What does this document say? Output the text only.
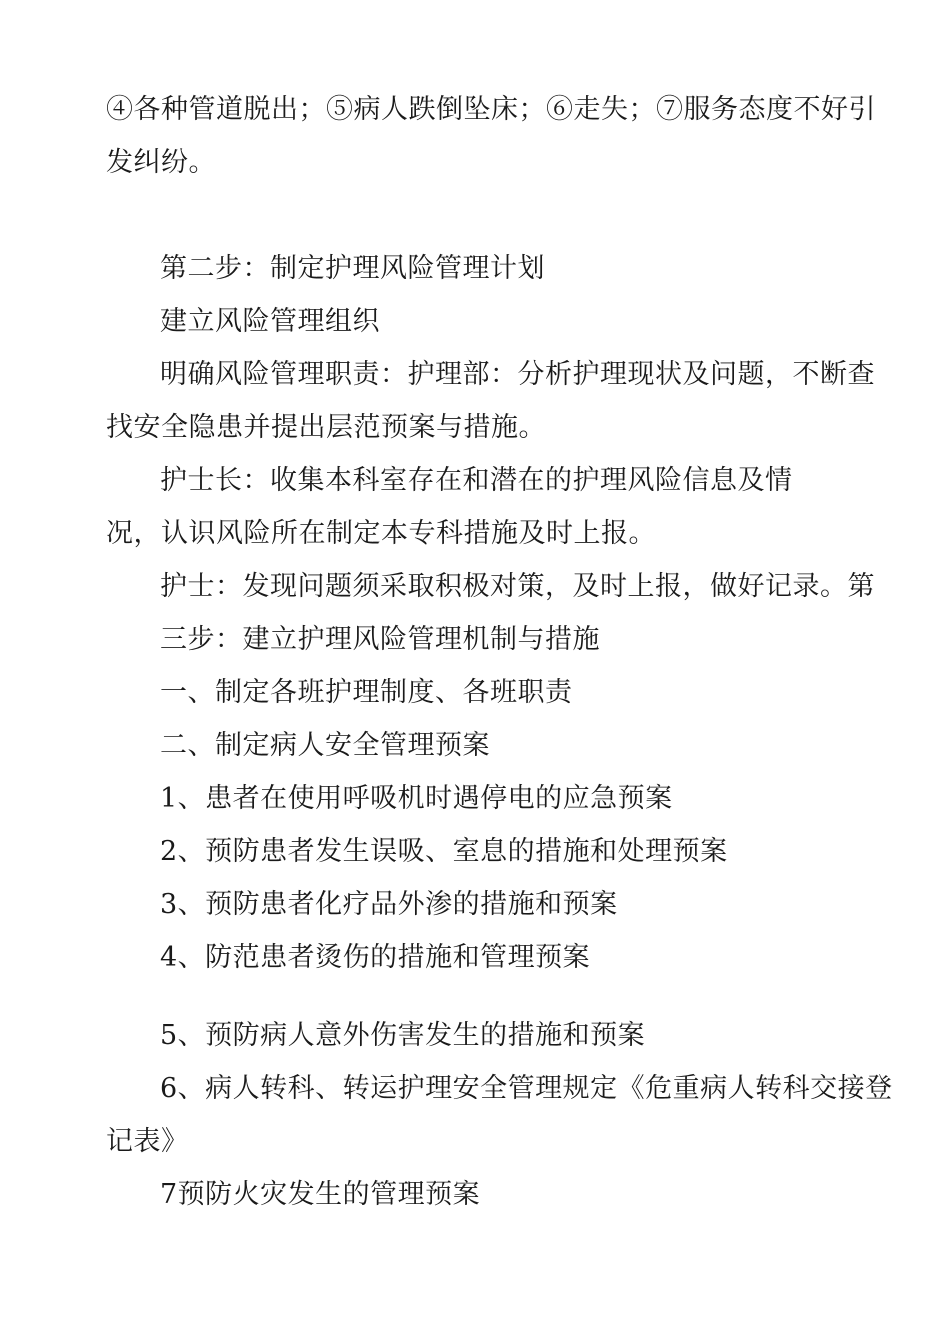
④各种管道脱出；⑤病人跌倒坠床；⑥走失；⑦服务态度不好引
发纠纷。
第二步：制定护理风险管理计划
建立风险管理组织
明确风险管理职责：护理部：分析护理现状及问题，不断查
找安全隐患并提出层范预案与措施。
护士长：收集本科室存在和潜在的护理风险信息及情
况，认识风险所在制定本专科措施及时上报。
护士：发现问题须采取积极对策，及时上报，做好记录。第
三步：建立护理风险管理机制与措施
一、制定各班护理制度、各班职责
二、制定病人安全管理预案
1、患者在使用呼吸机时遇停电的应急预案
2、预防患者发生误吸、室息的措施和处理预案
3、预防患者化疗品外渗的措施和预案
4、防范患者烫伤的措施和管理预案
5、预防病人意外伤害发生的措施和预案
6、病人转科、转运护理安全管理规定《危重病人转科交接登
记表》
7预防火灾发生的管理预案
